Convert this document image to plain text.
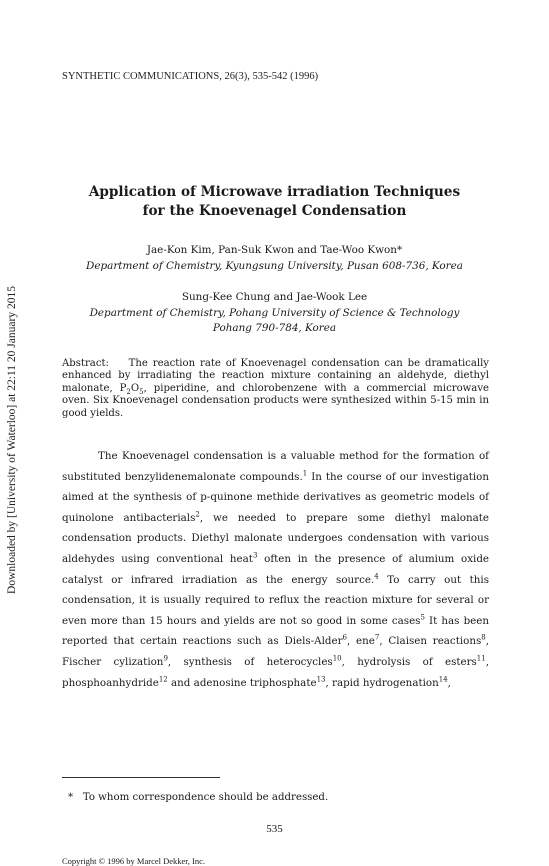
Downloaded by [University of Waterloo] at 22:11 20 January 2015
SYNTHETIC COMMUNICATIONS, 26(3), 535-542 (1996)
Application of Microwave irradiation Techniques
for the Knoevenagel Condensation
Jae-Kon Kim, Pan-Suk Kwon and Tae-Woo Kwon*
Department of Chemistry, Kyungsung University, Pusan 608-736, Korea
Sung-Kee Chung and Jae-Wook Lee
Department of Chemistry, Pohang University of Science & Technology
Pohang 790-784, Korea
Abstract: The reaction rate of Knoevenagel condensation can be dramatically enhanced by irradiating the reaction mixture containing an aldehyde, diethyl malonate, $P_2O_5$, piperidine, and chlorobenzene with a commercial microwave oven. Six Knoevenagel condensation products were synthesized within 5-15 min in good yields.

The Knoevenagel condensation is a valuable method for the formation of substituted benzylidenemalonate compounds.$^1$ In the course of our investigation aimed at the synthesis of p-quinone methide derivatives as geometric models of quinolone antibacterials$^2$, we needed to prepare some diethyl malonate condensation products. Diethyl malonate undergoes condensation with various aldehydes using conventional heat$^3$ often in the presence of alumium oxide catalyst or infrared irradiation as the energy source.$^4$ To carry out this condensation, it is usually required to reflux the reaction mixture for several or even more than 15 hours and yields are not so good in some cases$^5$ It has been reported that certain reactions such as Diels-Alder$^6$, ene$^7$, Claisen reactions$^8$, Fischer cylization$^9$, synthesis of heterocycles$^{10}$, hydrolysis of esters$^{11}$, phosphoanhydride$^{12}$ and adenosine triphosphate$^{13}$, rapid hydrogenation$^{14}$,

* To whom correspondence should be addressed.
535
Copyright © 1996 by Marcel Dekker, Inc.
